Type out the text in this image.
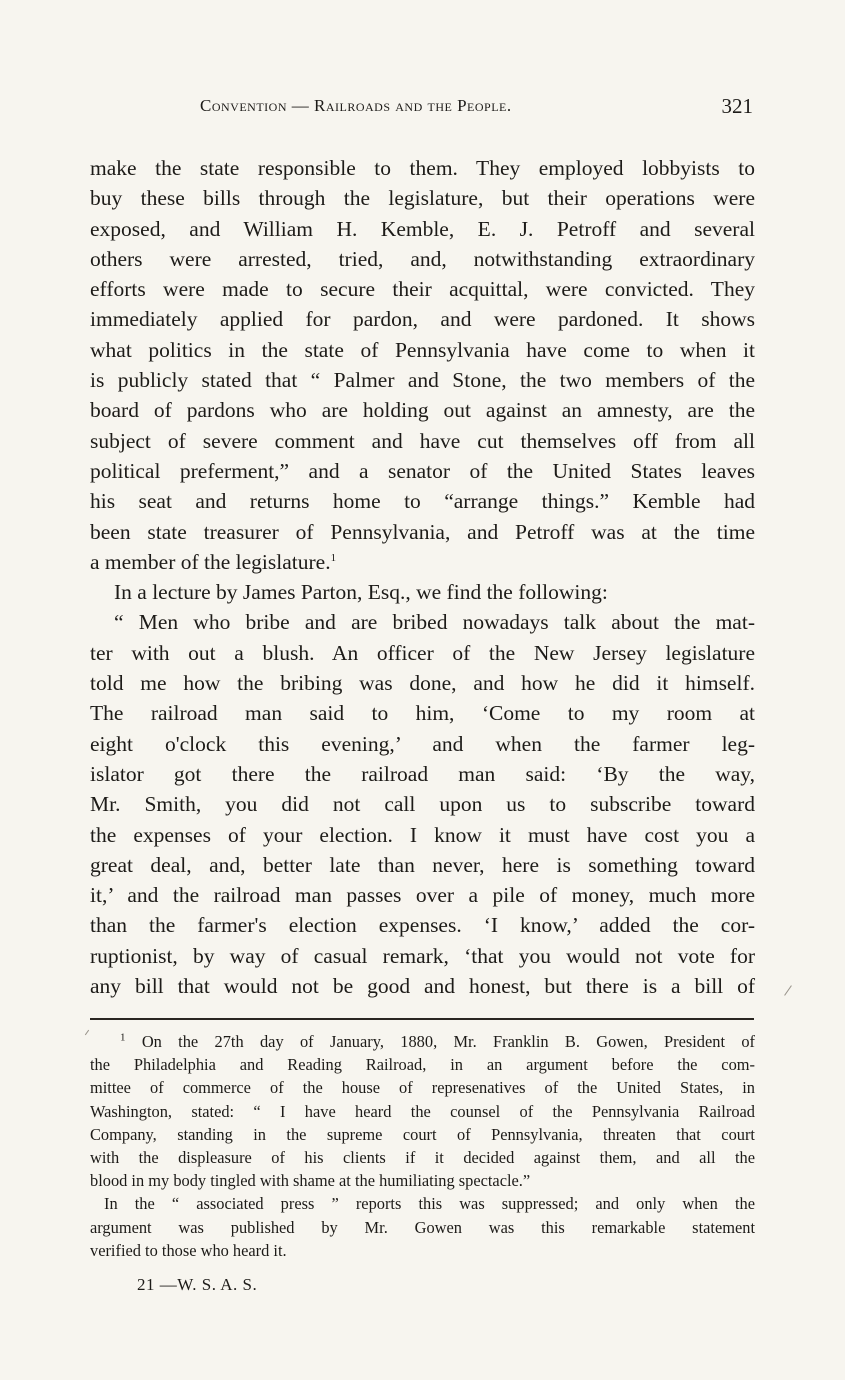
Convention — Railroads and the People.	321
make the state responsible to them. They employed lobbyists to
buy these bills through the legislature, but their operations were
exposed, and William H. Kemble, E. J. Petroff and several
others were arrested, tried, and, notwithstanding extraordinary
efforts were made to secure their acquittal, were convicted. They
immediately applied for pardon, and were pardoned. It shows
what politics in the state of Pennsylvania have come to when it
is publicly stated that “ Palmer and Stone, the two members of the
board of pardons who are holding out against an amnesty, are the
subject of severe comment and have cut themselves off from all
political preferment,” and a senator of the United States leaves
his seat and returns home to “arrange things.” Kemble had
been state treasurer of Pennsylvania, and Petroff was at the time
a member of the legislature.$^1$
In a lecture by James Parton, Esq., we find the following:
“ Men who bribe and are bribed nowadays talk about the mat-
ter with out a blush. An officer of the New Jersey legislature
told me how the bribing was done, and how he did it himself.
The railroad man said to him, ‘Come to my room at
eight o'clock this evening,’ and when the farmer leg-
islator got there the railroad man said: ‘By the way,
Mr. Smith, you did not call upon us to subscribe toward
the expenses of your election. I know it must have cost you a
great deal, and, better late than never, here is something toward
it,’ and the railroad man passes over a pile of money, much more
than the farmer's election expenses. ‘I know,’ added the cor-
ruptionist, by way of casual remark, ‘that you would not vote for
any bill that would not be good and honest, but there is a bill of
$^1$ On the 27th day of January, 1880, Mr. Franklin B. Gowen, President of
the Philadelphia and Reading Railroad, in an argument before the com-
mittee of commerce of the house of represenatives of the United States, in
Washington, stated: “ I have heard the counsel of the Pennsylvania Railroad
Company, standing in the supreme court of Pennsylvania, threaten that court
with the displeasure of his clients if it decided against them, and all the
blood in my body tingled with shame at the humiliating spectacle.”
In the “ associated press ” reports this was suppressed; and only when the
argument was published by Mr. Gowen was this remarkable statement
verified to those who heard it.
21 —W. S. A. S.
